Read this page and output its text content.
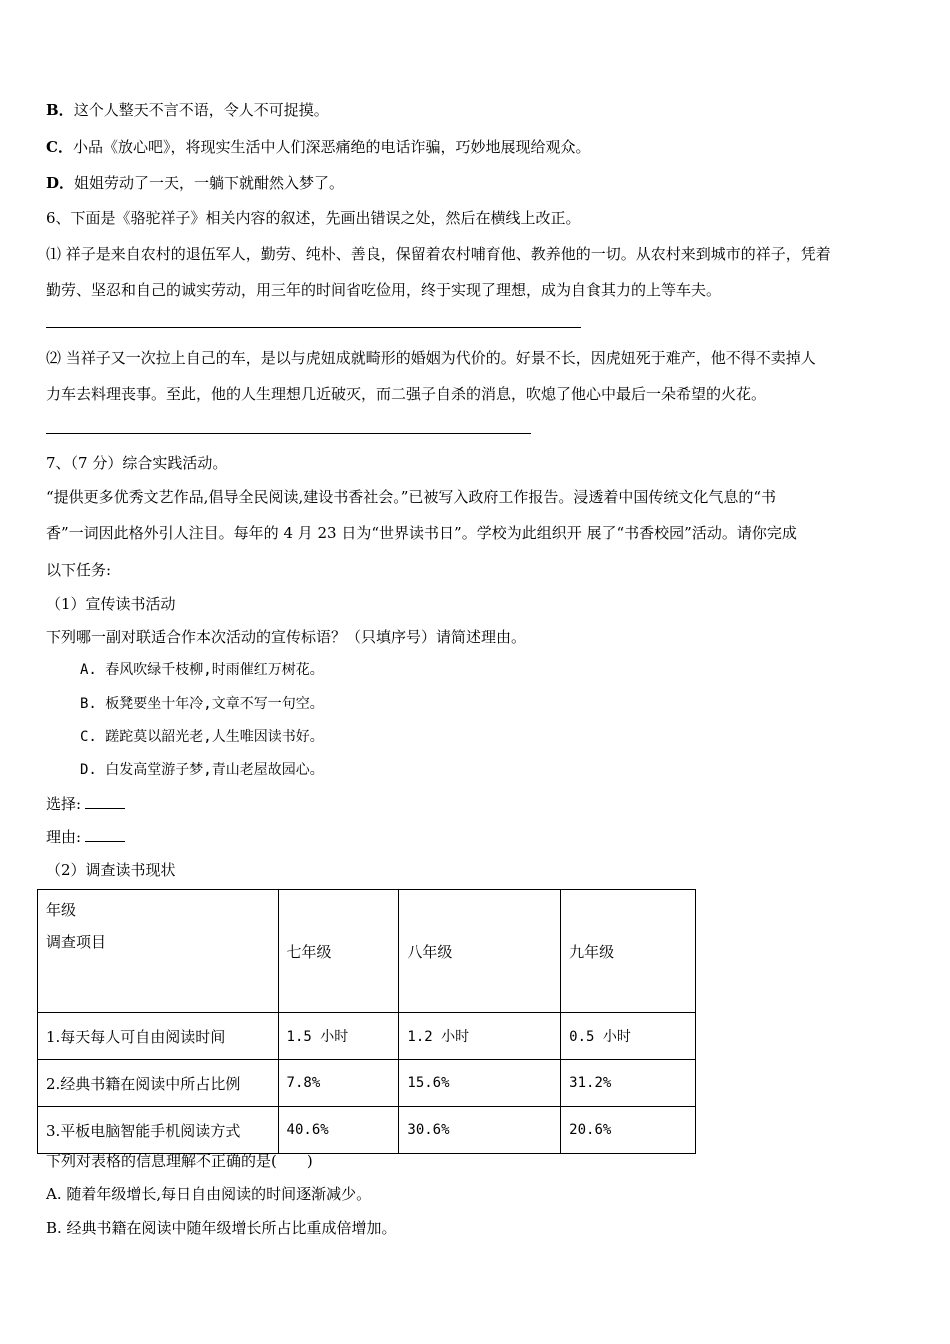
B．这个人整天不言不语，令人不可捉摸。
C．小品《放心吧》，将现实生活中人们深恶痛绝的电话诈骗，巧妙地展现给观众。
D．姐姐劳动了一天，一躺下就酣然入梦了。
6、下面是《骆驼祥子》相关内容的叙述，先画出错误之处，然后在横线上改正。
⑴ 祥子是来自农村的退伍军人，勤劳、纯朴、善良，保留着农村哺育他、教养他的一切。从农村来到城市的祥子，凭着
勤劳、坚忍和自己的诚实劳动，用三年的时间省吃俭用，终于实现了理想，成为自食其力的上等车夫。
⑵ 当祥子又一次拉上自己的车，是以与虎妞成就畸形的婚姻为代价的。好景不长，因虎妞死于难产，他不得不卖掉人
力车去料理丧事。至此，他的人生理想几近破灭，而二强子自杀的消息，吹熄了他心中最后一朵希望的火花。
7、（7 分）综合实践活动。
“提供更多优秀文艺作品,倡导全民阅读,建设书香社会。”已被写入政府工作报告。浸透着中国传统文化气息的“书
香”一词因此格外引人注目。每年的 4 月 23 日为“世界读书日”。学校为此组织开 展了“书香校园”活动。请你完成
以下任务:
（1）宣传读书活动
下列哪一副对联适合作本次活动的宣传标语？（只填序号）请简述理由。
A. 春风吹绿千枝柳,时雨催红万树花。
B. 板凳要坐十年冷,文章不写一句空。
C. 蹉跎莫以韶光老,人生唯因读书好。
D. 白发高堂游子梦,青山老屋故园心。
选择:
理由:
（2）调查读书现状
年级
调查项目	七年级	八年级	九年级
1.每天每人可自由阅读时间	1.5 小时	1.2 小时	0.5 小时
2.经典书籍在阅读中所占比例	7.8%	15.6%	31.2%
3.平板电脑智能手机阅读方式	40.6%	30.6%	20.6%
下列对表格的信息理解不正确的是(　　)
A. 随着年级增长,每日自由阅读的时间逐渐减少。
B. 经典书籍在阅读中随年级增长所占比重成倍增加。
